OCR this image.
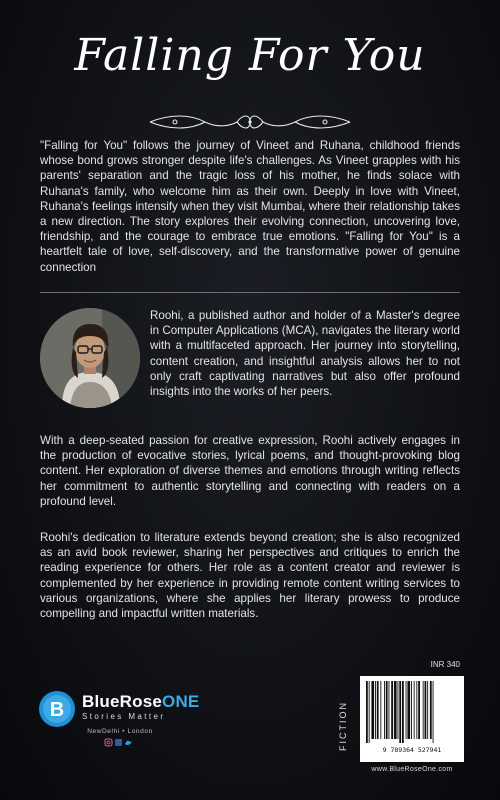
Falling For You

"Falling for You" follows the journey of Vineet and Ruhana, childhood friends whose bond grows stronger despite life's challenges. As Vineet grapples with his parents' separation and the tragic loss of his mother, he finds solace with Ruhana's family, who welcome him as their own. Deeply in love with Vineet, Ruhana's feelings intensify when they visit Mumbai, where their relationship takes a new direction. The story explores their evolving connection, uncovering love, friendship, and the courage to embrace true emotions. "Falling for You" is a heartfelt tale of love, self-discovery, and the transformative power of genuine connection

Roohi, a published author and holder of a Master's degree in Computer Applications (MCA), navigates the literary world with a multifaceted approach. Her journey into storytelling, content creation, and insightful analysis allows her to not only craft captivating narratives but also offer profound insights into the works of her peers.

With a deep-seated passion for creative expression, Roohi actively engages in the production of evocative stories, lyrical poems, and thought-provoking blog content. Her exploration of diverse themes and emotions through writing reflects her commitment to authentic storytelling and connecting with readers on a profound level.

Roohi's dedication to literature extends beyond creation; she is also recognized as an avid book reviewer, sharing her perspectives and critiques to enrich the reading experience for others. Her role as a content creator and reviewer is complemented by her experience in providing remote content writing services to various organizations, where she applies her literary prowess to produce compelling and impactful written materials.

B BlueRoseONE
Stories Matter
NewDelhi • London
INR 340
FICTION	9 789364 527941
www.BlueRoseOne.com
